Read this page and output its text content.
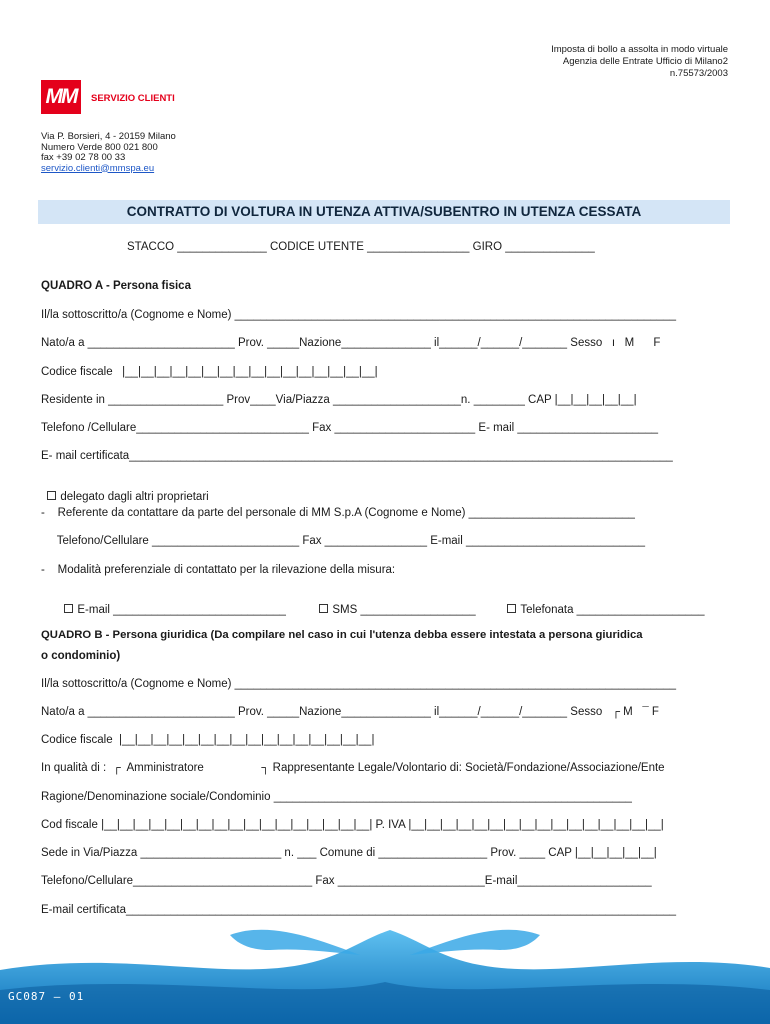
Imposta di bollo a assolta in modo virtuale
Agenzia delle Entrate Ufficio di Milano2
n.75573/2003
MM	SERVIZIO CLIENTI
Via P. Borsieri, 4 - 20159 Milano
Numero Verde 800 021 800
fax +39 02 78 00 33
servizio.clienti@mmspa.eu
CONTRATTO DI VOLTURA IN UTENZA ATTIVA/SUBENTRO IN UTENZA CESSATA
STACCO ______________ CODICE UTENTE ________________ GIRO ______________
QUADRO A - Persona fisica
Il/la sottoscritto/a (Cognome e Nome) _____________________________________________________________________
Nato/a a _______________________ Prov. _____Nazione______________ il______/______/_______ Sesso   ı   M      F
Codice fiscale   |__|__|__|__|__|__|__|__|__|__|__|__|__|__|__|__|
Residente in __________________ Prov____Via/Piazza ____________________n. ________ CAP |__|__|__|__|__|
Telefono /Cellulare___________________________ Fax ______________________ E- mail ______________________
E- mail certificata_____________________________________________________________________________________

delegato dagli altri proprietari

-    Referente da contattare da parte del personale di MM S.p.A (Cognome e Nome) __________________________
Telefono/Cellulare _______________________ Fax ________________ E-mail ____________________________
-    Modalità preferenziale di contattato per la rilevazione della misura:

E-mail ___________________________	SMS __________________	Telefonata ____________________

QUADRO B - Persona giuridica (Da compilare nel caso in cui l'utenza debba essere intestata a persona giuridica
o condominio)
Il/la sottoscritto/a (Cognome e Nome) _____________________________________________________________________
Nato/a a _______________________ Prov. _____Nazione______________ il______/______/_______ Sesso   ┌ M   ¯ F
Codice fiscale  |__|__|__|__|__|__|__|__|__|__|__|__|__|__|__|__|
In qualità di :  ┌  Amministratore                  ┐ Rappresentante Legale/Volontario di: Società/Fondazione/Associazione/Ente
Ragione/Denominazione sociale/Condominio ________________________________________________________
Cod fiscale |__|__|__|__|__|__|__|__|__|__|__|__|__|__|__|__|__| P. IVA |__|__|__|__|__|__|__|__|__|__|__|__|__|__|__|__|
Sede in Via/Piazza ______________________ n. ___ Comune di _________________ Prov. ____ CAP |__|__|__|__|__|
Telefono/Cellulare____________________________ Fax _______________________E-mail_____________________
E-mail certificata______________________________________________________________________________________
GC087 – 01
